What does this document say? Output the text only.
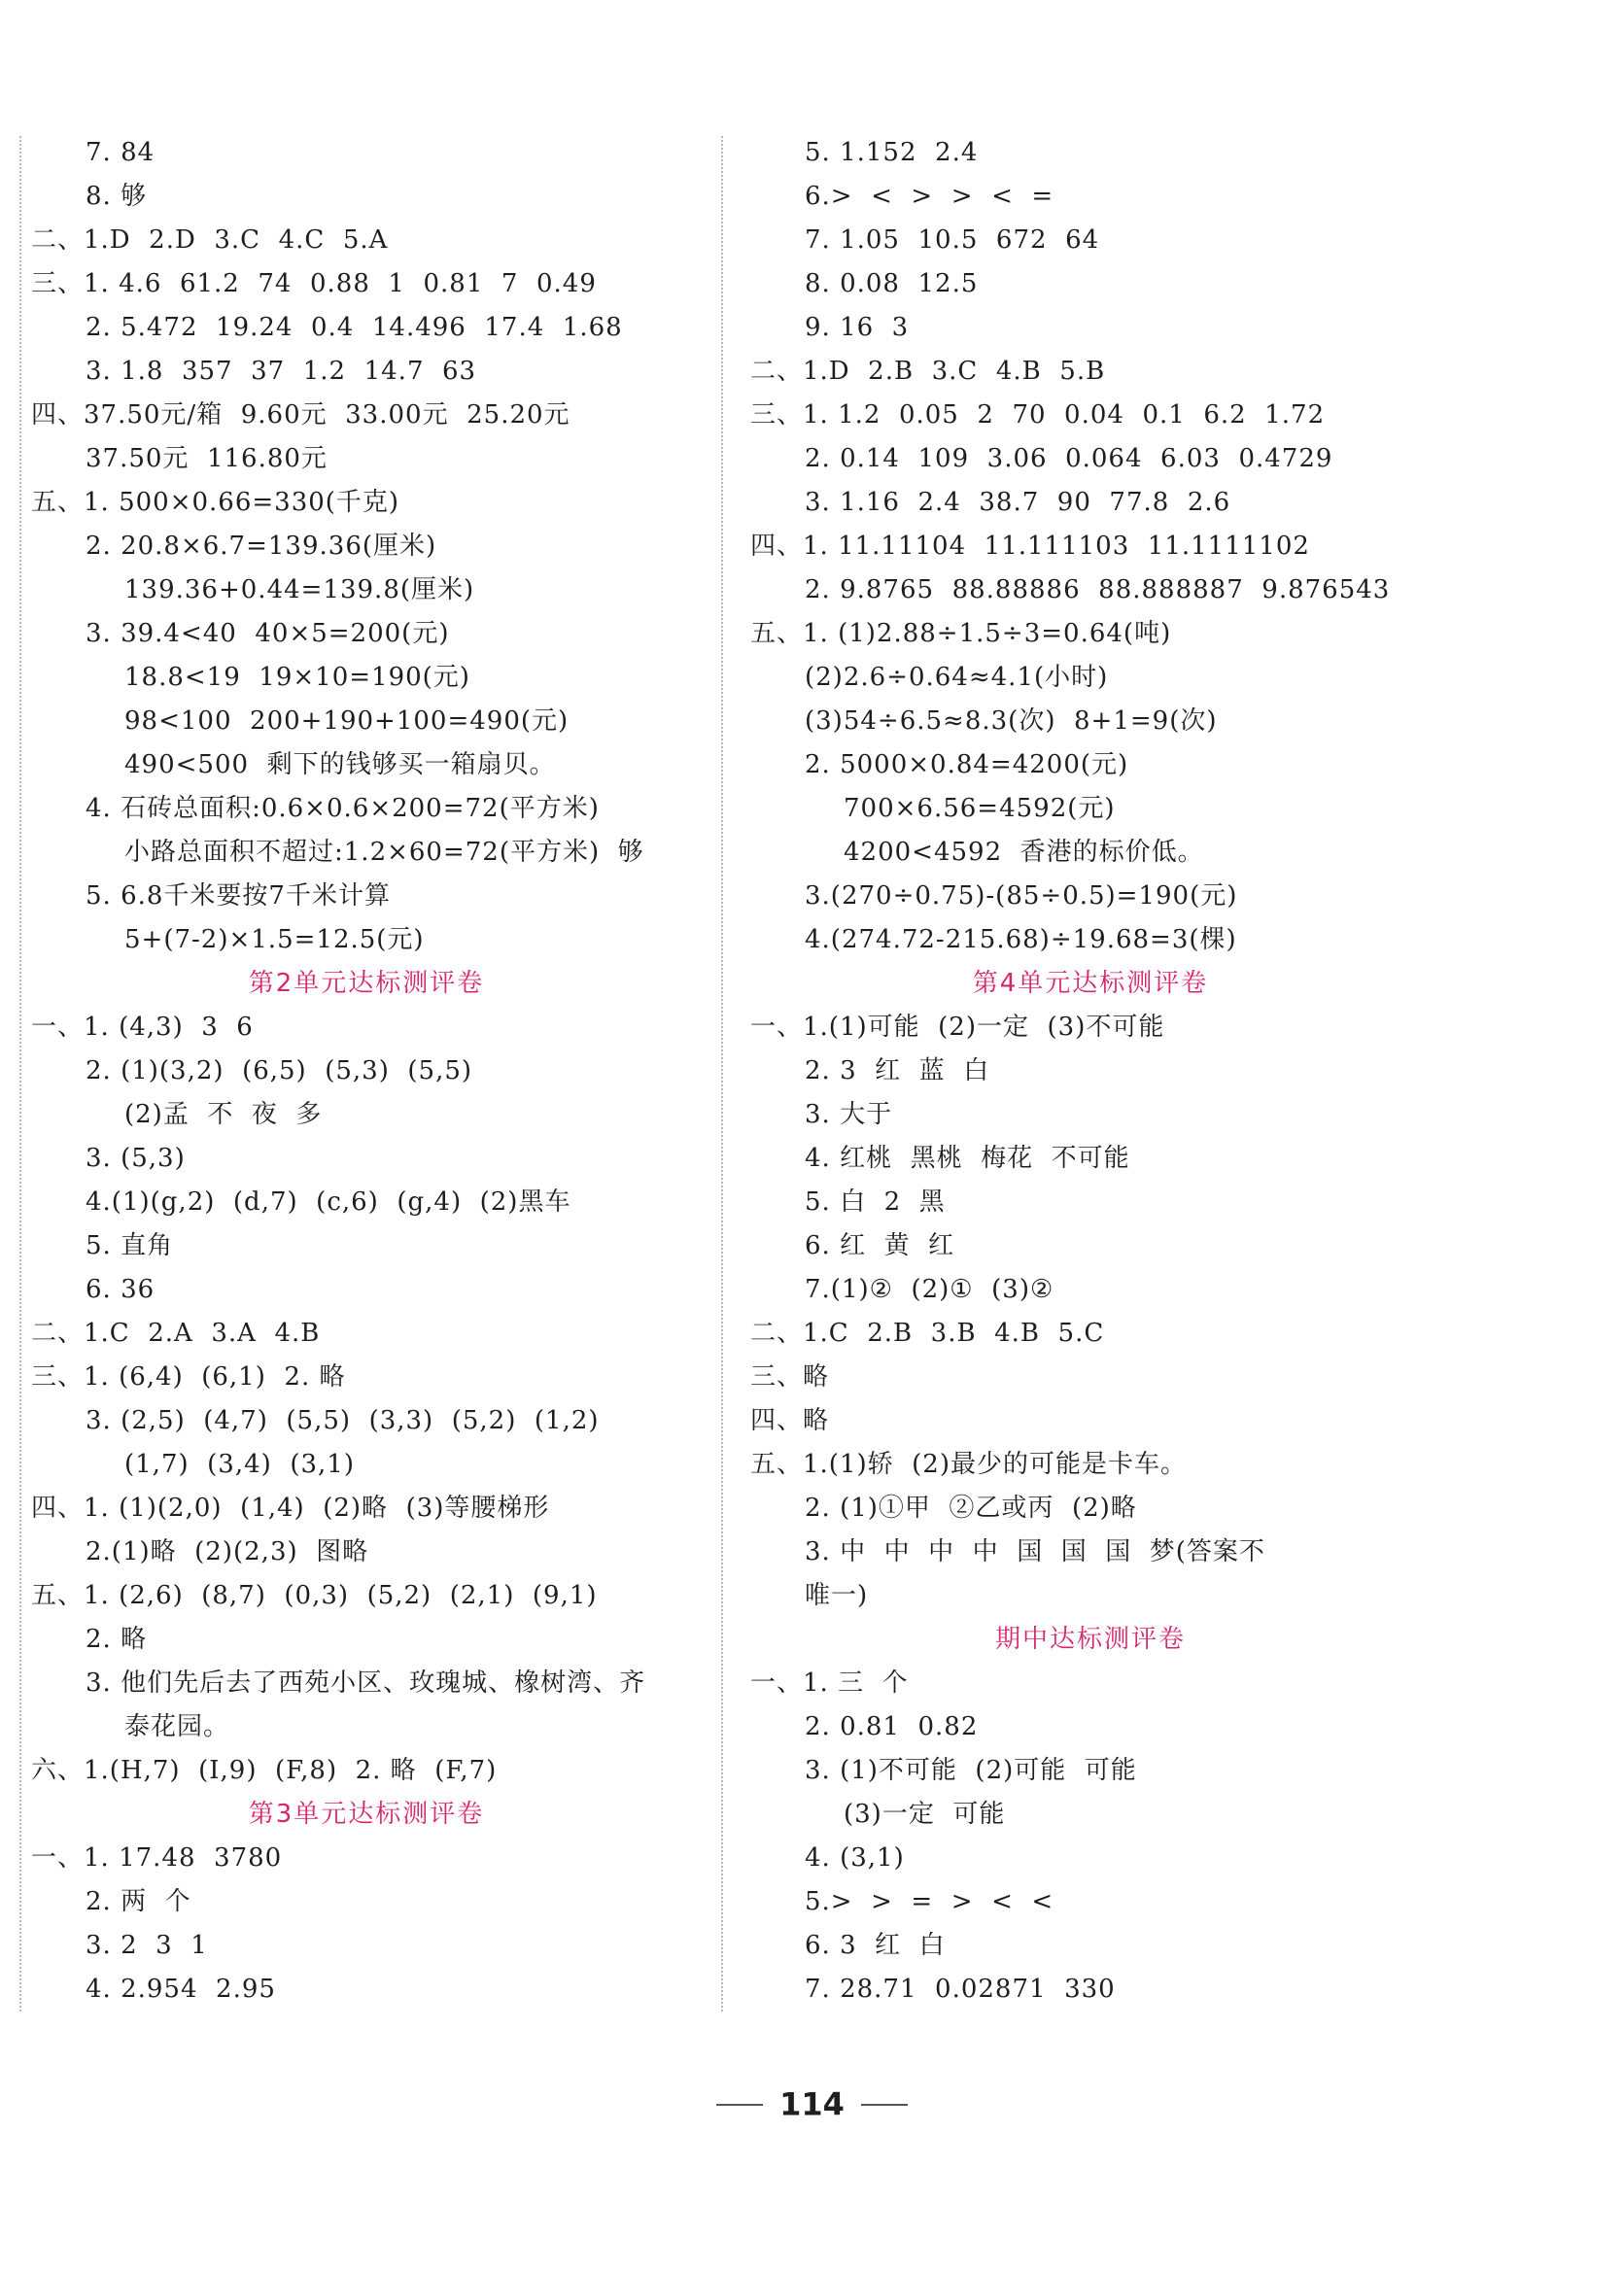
7. 84
8. 够
二、1.D  2.D  3.C  4.C  5.A
三、1. 4.6  61.2  74  0.88  1  0.81  7  0.49
2. 5.472  19.24  0.4  14.496  17.4  1.68
3. 1.8  357  37  1.2  14.7  63
四、37.50元/箱  9.60元  33.00元  25.20元
37.50元  116.80元
五、1. 500×0.66=330(千克)
2. 20.8×6.7=139.36(厘米)
139.36+0.44=139.8(厘米)
3. 39.4<40  40×5=200(元)
18.8<19  19×10=190(元)
98<100  200+190+100=490(元)
490<500  剩下的钱够买一箱扇贝。
4. 石砖总面积:0.6×0.6×200=72(平方米)
小路总面积不超过:1.2×60=72(平方米)  够
5. 6.8千米要按7千米计算
5+(7-2)×1.5=12.5(元)
第2单元达标测评卷
一、1. (4,3)  3  6
2. (1)(3,2)  (6,5)  (5,3)  (5,5)
(2)孟  不  夜  多
3. (5,3)
4.(1)(g,2)  (d,7)  (c,6)  (g,4)  (2)黑车
5. 直角
6. 36
二、1.C  2.A  3.A  4.B
三、1. (6,4)  (6,1)  2. 略
3. (2,5)  (4,7)  (5,5)  (3,3)  (5,2)  (1,2)
(1,7)  (3,4)  (3,1)
四、1. (1)(2,0)  (1,4)  (2)略  (3)等腰梯形
2.(1)略  (2)(2,3)  图略
五、1. (2,6)  (8,7)  (0,3)  (5,2)  (2,1)  (9,1)
2. 略
3. 他们先后去了西苑小区、玫瑰城、橡树湾、齐
泰花园。
六、1.(H,7)  (I,9)  (F,8)  2. 略  (F,7)
第3单元达标测评卷
一、1. 17.48  3780
2. 两  个
3. 2  3  1
4. 2.954  2.95
5. 1.152  2.4
6.>  <  >  >  <  =
7. 1.05  10.5  672  64
8. 0.08  12.5
9. 16  3
二、1.D  2.B  3.C  4.B  5.B
三、1. 1.2  0.05  2  70  0.04  0.1  6.2  1.72
2. 0.14  109  3.06  0.064  6.03  0.4729
3. 1.16  2.4  38.7  90  77.8  2.6
四、1. 11.11104  11.111103  11.1111102
2. 9.8765  88.88886  88.888887  9.876543
五、1. (1)2.88÷1.5÷3=0.64(吨)
(2)2.6÷0.64≈4.1(小时)
(3)54÷6.5≈8.3(次)  8+1=9(次)
2. 5000×0.84=4200(元)
700×6.56=4592(元)
4200<4592  香港的标价低。
3.(270÷0.75)-(85÷0.5)=190(元)
4.(274.72-215.68)÷19.68=3(棵)
第4单元达标测评卷
一、1.(1)可能  (2)一定  (3)不可能
2. 3  红  蓝  白
3. 大于
4. 红桃  黑桃  梅花  不可能
5. 白  2  黑
6. 红  黄  红
7.(1)②  (2)①  (3)②
二、1.C  2.B  3.B  4.B  5.C
三、略
四、略
五、1.(1)轿  (2)最少的可能是卡车。
2. (1)①甲  ②乙或丙  (2)略
3. 中  中  中  中  国  国  国  梦(答案不
唯一)
期中达标测评卷
一、1. 三  个
2. 0.81  0.82
3. (1)不可能  (2)可能  可能
(3)一定  可能
4. (3,1)
5.>  >  =  >  <  <
6. 3  红  白
7. 28.71  0.02871  330
114
